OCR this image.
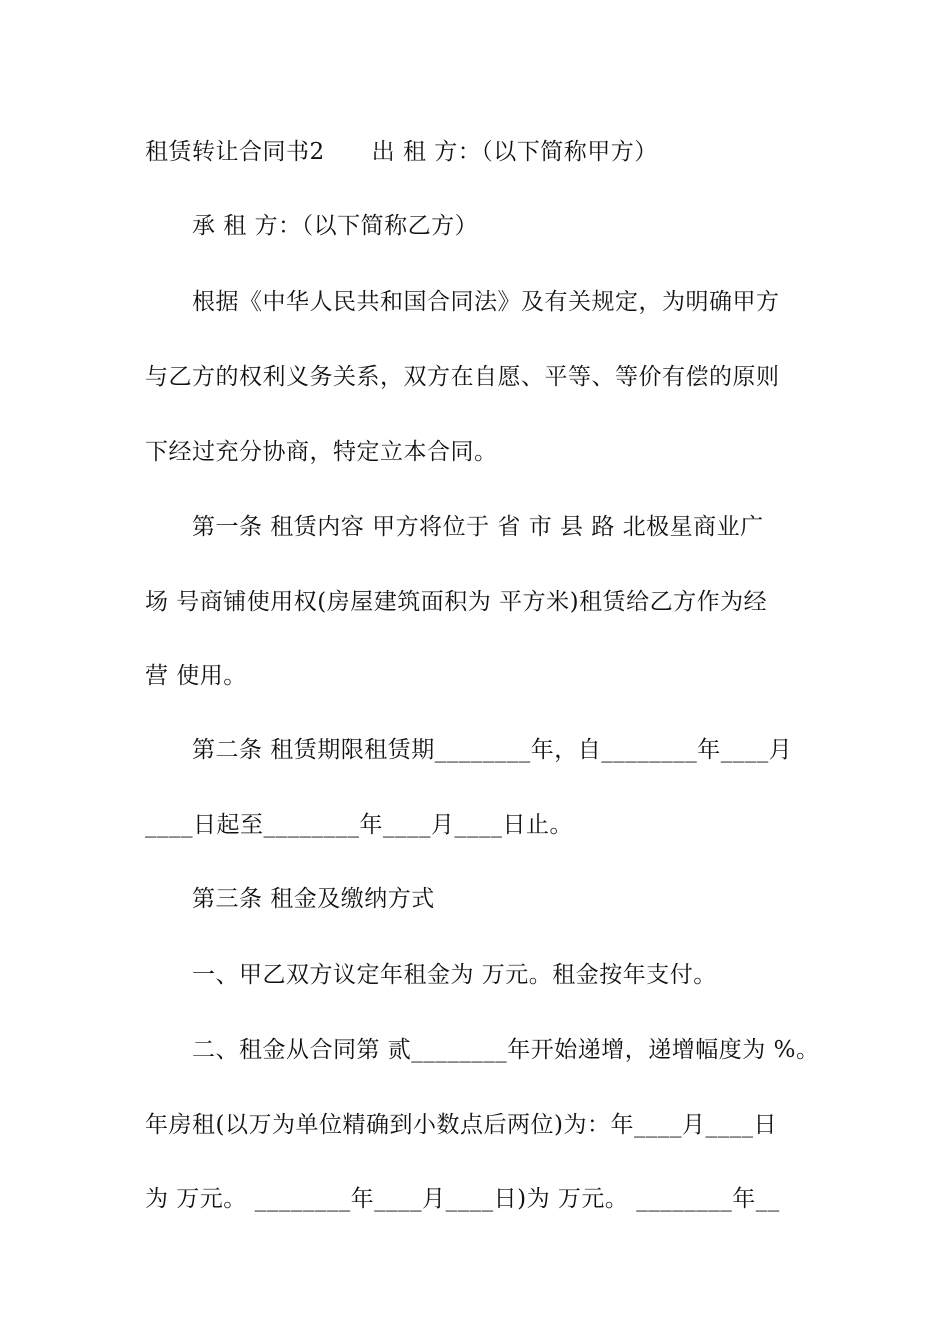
租赁转让合同书2　　出 租 方：（以下简称甲方）
承 租 方：（以下简称乙方）
根据《中华人民共和国合同法》及有关规定，为明确甲方
与乙方的权利义务关系，双方在自愿、平等、等价有偿的原则
下经过充分协商，特定立本合同。
第一条 租赁内容 甲方将位于 省 市 县 路 北极星商业广
场 号商铺使用权(房屋建筑面积为 平方米)租赁给乙方作为经
营 使用。
第二条 租赁期限租赁期________年，自________年____月
____日起至________年____月____日止。
第三条 租金及缴纳方式
一、甲乙双方议定年租金为 万元。租金按年支付。
二、租金从合同第 贰________年开始递增，递增幅度为 %。
年房租(以万为单位精确到小数点后两位)为：年____月____日
为 万元。 ________年____月____日)为 万元。 ________年__
